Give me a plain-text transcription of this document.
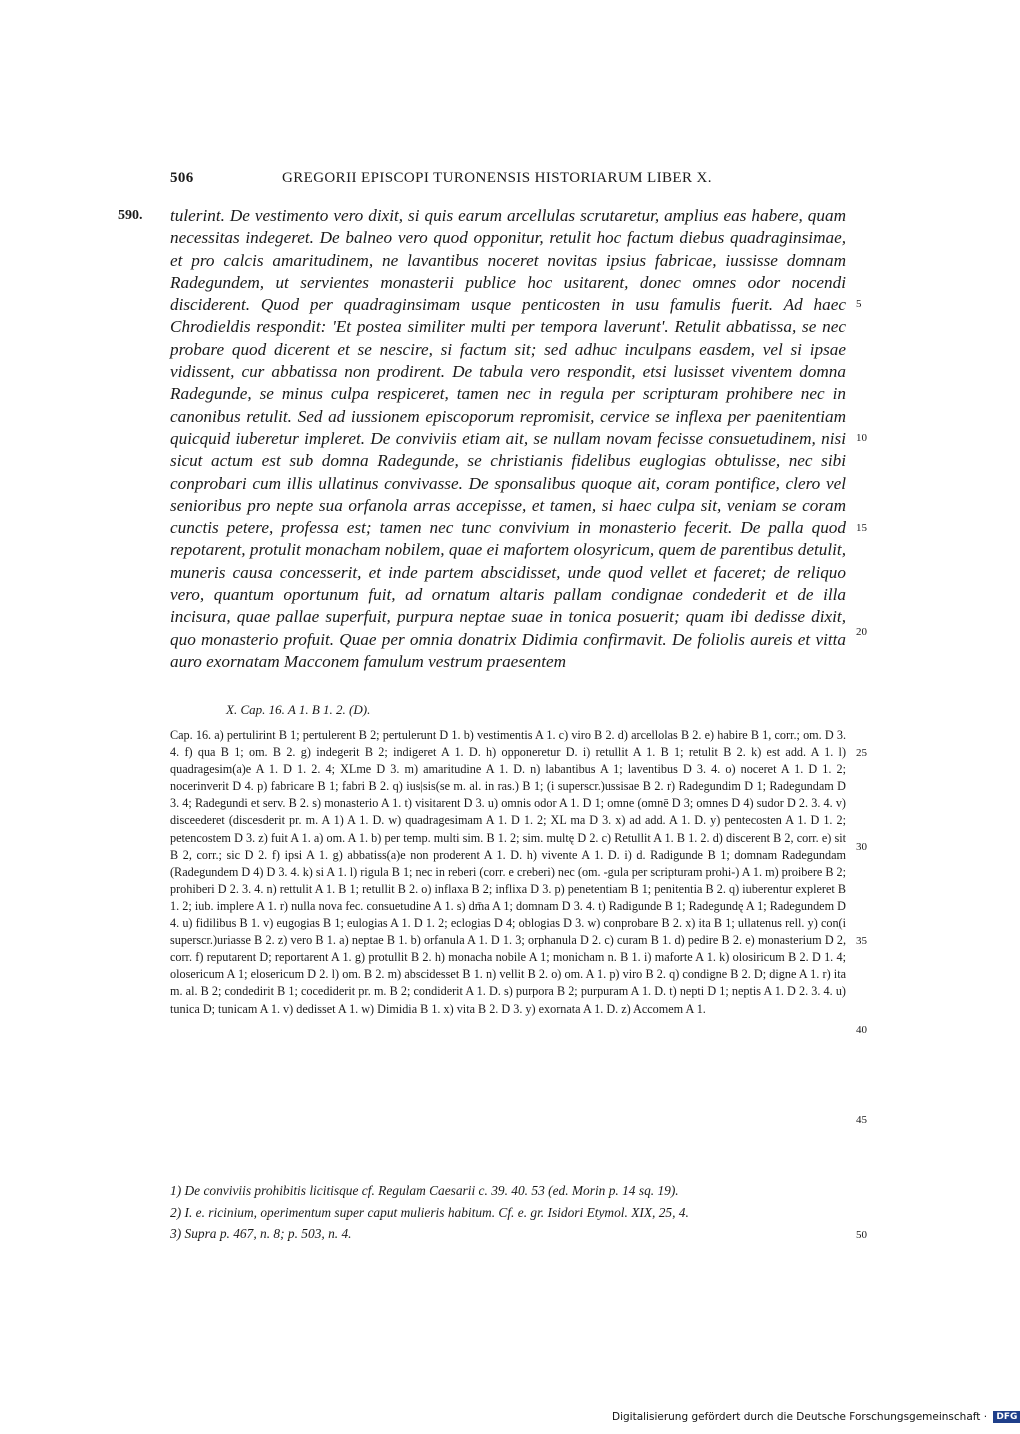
506	GREGORII EPISCOPI TURONENSIS HISTORIARUM LIBER X.
590. tulerint. De vestimento vero dixit, si quis earum arcellulas scrutaretur, amplius eas habere, quam necessitas indegeret. De balneo vero quod opponitur, retulit hoc factum diebus quadraginsimae, et pro calcis amaritudinem, ne lavantibus noceret novitas ipsius fabricae, iussisse domnam Radegundem, ut servientes monasterii publice hoc usitarent, donec omnes odor nocendi disciderent. Quod per quadraginsimam usque penticosten in usu famulis fuerit. Ad haec Chrodieldis respondit: 'Et postea similiter multi per tempora laverunt'. Retulit abbatissa, se nec probare quod dicerent et se nescire, si factum sit; sed adhuc inculpans easdem, vel si ipsae vidissent, cur abbatissa non prodirent. De tabula vero respondit, etsi lusisset viventem domna Radegunde, se minus culpa respiceret, tamen nec in regula per scripturam prohibere nec in canonibus retulit. Sed ad iussionem episcoporum repromisit, cervice se inflexa per paenitentiam quicquid iuberetur impleret. De conviviis etiam ait, se nullam novam fecisse consuetudinem, nisi sicut actum est sub domna Radegunde, se christianis fidelibus euglogias obtulisse, nec sibi conprobari cum illis ullatinus convivasse. De sponsalibus quoque ait, coram pontifice, clero vel senioribus pro nepte sua orfanola arras accepisse, et tamen, si haec culpa sit, veniam se coram cunctis petere, professa est; tamen nec tunc convivium in monasterio fecerit. De palla quod repotarent, protulit monacham nobilem, quae ei mafortem olosyricum, quem de parentibus detulit, muneris causa concesserit, et inde partem abscidisset, unde quod vellet et faceret; de reliquo vero, quantum oportunum fuit, ad ornatum altaris pallam condignae condederit et de illa incisura, quae pallae superfuit, purpura neptae suae in tonica posuerit; quam ibi dedisse dixit, quo monasterio profuit. Quae per omnia donatrix Didimia confirmavit. De foliolis aureis et vitta auro exornatam Macconem famulum vestrum praesentem
5
10
15
20
X. Cap. 16. A 1. B 1. 2. (D).
Cap. 16. a) pertulirint B 1; pertulerent B 2; pertulerunt D 1. b) vestimentis A 1. c) viro B 2. d) arcellolas B 2. e) habire B 1, corr.; om. D 3. 4. f) qua B 1; om. B 2. g) indegerit B 2; indigeret A 1. D. h) opponeretur D. i) retullit A 1. B 1; retulit B 2. k) est add. A 1. l) quadragesim(a)e A 1. D 1. 2. 4; XLme D 3. m) amaritudine A 1. D. n) labantibus A 1; laventibus D 3. 4. o) noceret A 1. D 1. 2; nocerinverit D 4. p) fabricare B 1; fabri B 2. q) ius|sis(se m. al. in ras.) B 1; (i superscr.)ussisae B 2. r) Radegundim D 1; Radegundam D 3. 4; Radegundi et serv. B 2. s) monasterio A 1. t) visitarent D 3. u) omnis odor A 1. D 1; omne (omnē D 3; omnes D 4) sudor D 2. 3. 4. v) disceederet (discesderit pr. m. A 1) A 1. D. w) quadragesimam A 1. D 1. 2; XL ma D 3. x) ad add. A 1. D. y) pentecosten A 1. D 1. 2; petencostem D 3. z) fuit A 1. a) om. A 1. b) per temp. multi sim. B 1. 2; sim. multę D 2. c) Retullit A 1. B 1. 2. d) discerent B 2, corr. e) sit B 2, corr.; sic D 2. f) ipsi A 1. g) abbatiss(a)e non proderent A 1. D. h) vivente A 1. D. i) d. Radigunde B 1; domnam Radegundam (Radegundem D 4) D 3. 4. k) si A 1. l) rigula B 1; nec in reberi (corr. e creberi) nec (om. -gula per scripturam prohi-) A 1. m) proibere B 2; prohiberi D 2. 3. 4. n) rettulit A 1. B 1; retullit B 2. o) inflaxa B 2; inflixa D 3. p) penetentiam B 1; penitentia B 2. q) iuberentur expleret B 1. 2; iub. implere A 1. r) nulla nova fec. consuetudine A 1. s) dm̄a A 1; domnam D 3. 4. t) Radigunde B 1; Radegundę A 1; Radegundem D 4. u) fidilibus B 1. v) eugogias B 1; eulogias A 1. D 1. 2; eclogias D 4; oblogias D 3. w) conprobare B 2. x) ita B 1; ullatenus rell. y) con(i superscr.)uriasse B 2. z) vero B 1. a) neptae B 1. b) orfanula A 1. D 1. 3; orphanula D 2. c) curam B 1. d) pedire B 2. e) monasterium D 2, corr. f) reputarent D; reportarent A 1. g) protullit B 2. h) monacha nobile A 1; monicham n. B 1. i) maforte A 1. k) olosiricum B 2. D 1. 4; olosericum A 1; elosericum D 2. l) om. B 2. m) abscidesset B 1. n) vellit B 2. o) om. A 1. p) viro B 2. q) condigne B 2. D; digne A 1. r) ita m. al. B 2; condedirit B 1; cocediderit pr. m. B 2; condiderit A 1. D. s) purpora B 2; purpuram A 1. D. t) nepti D 1; neptis A 1. D 2. 3. 4. u) tunica D; tunicam A 1. v) dedisset A 1. w) Dimidia B 1. x) vita B 2. D 3. y) exornata A 1. D. z) Accomem A 1.
25
30
35
40
45
1) De conviviis prohibitis licitisque cf. Regulam Caesarii c. 39. 40. 53 (ed. Morin p. 14 sq. 19).
2) I. e. ricinium, operimentum super caput mulieris habitum. Cf. e. gr. Isidori Etymol. XIX, 25, 4.
3) Supra p. 467, n. 8; p. 503, n. 4.	50
Digitalisierung gefördert durch die Deutsche Forschungsgemeinschaft · DFG
